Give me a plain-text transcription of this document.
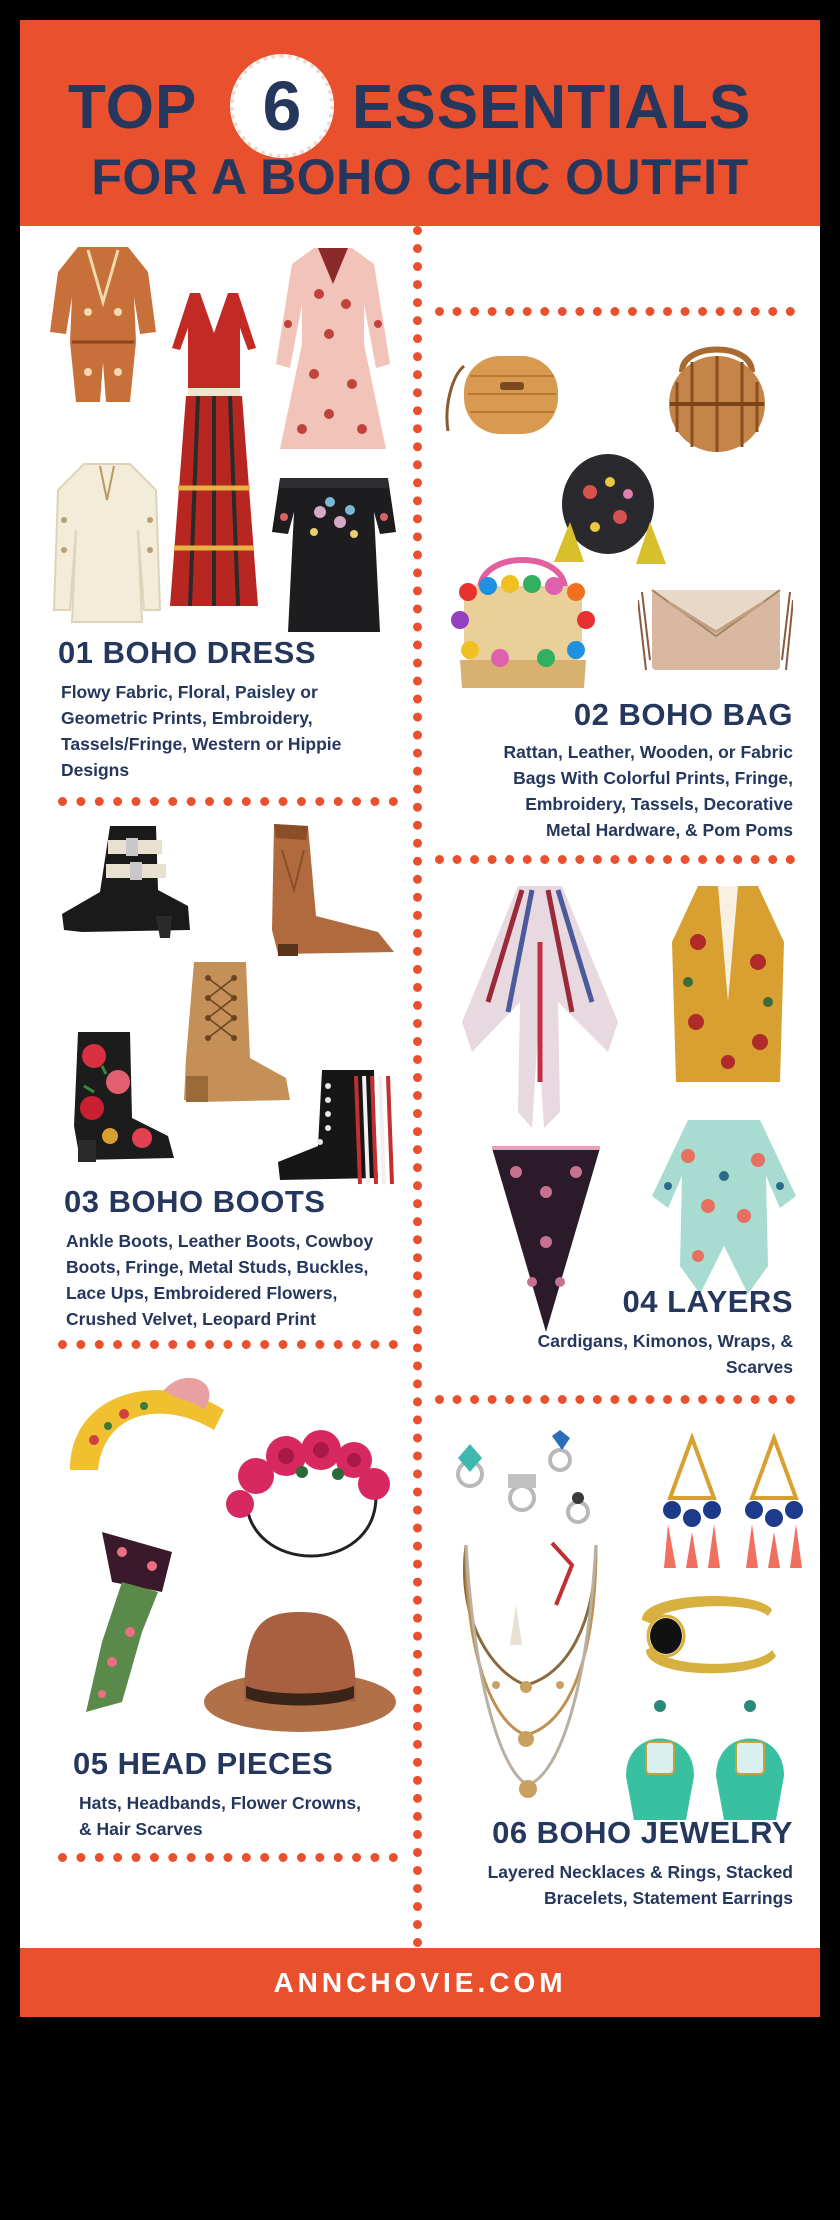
TOP 6 ESSENTIALS
FOR A BOHO CHIC OUTFIT
01 BOHO DRESS
Flowy Fabric, Floral, Paisley or
Geometric Prints, Embroidery,
Tassels/Fringe, Western or Hippie
Designs
02 BOHO BAG
Rattan, Leather, Wooden, or Fabric
Bags With Colorful Prints, Fringe,
Embroidery, Tassels, Decorative
Metal Hardware, & Pom Poms
03 BOHO BOOTS
Ankle Boots, Leather Boots, Cowboy
Boots, Fringe, Metal Studs, Buckles,
Lace Ups, Embroidered Flowers,
Crushed Velvet, Leopard Print	04 LAYERS
Cardigans, Kimonos, Wraps, &
Scarves
05 HEAD PIECES
Hats, Headbands, Flower Crowns,
& Hair Scarves	06 BOHO JEWELRY
Layered Necklaces & Rings, Stacked
Bracelets, Statement Earrings
ANNCHOVIE.COM
